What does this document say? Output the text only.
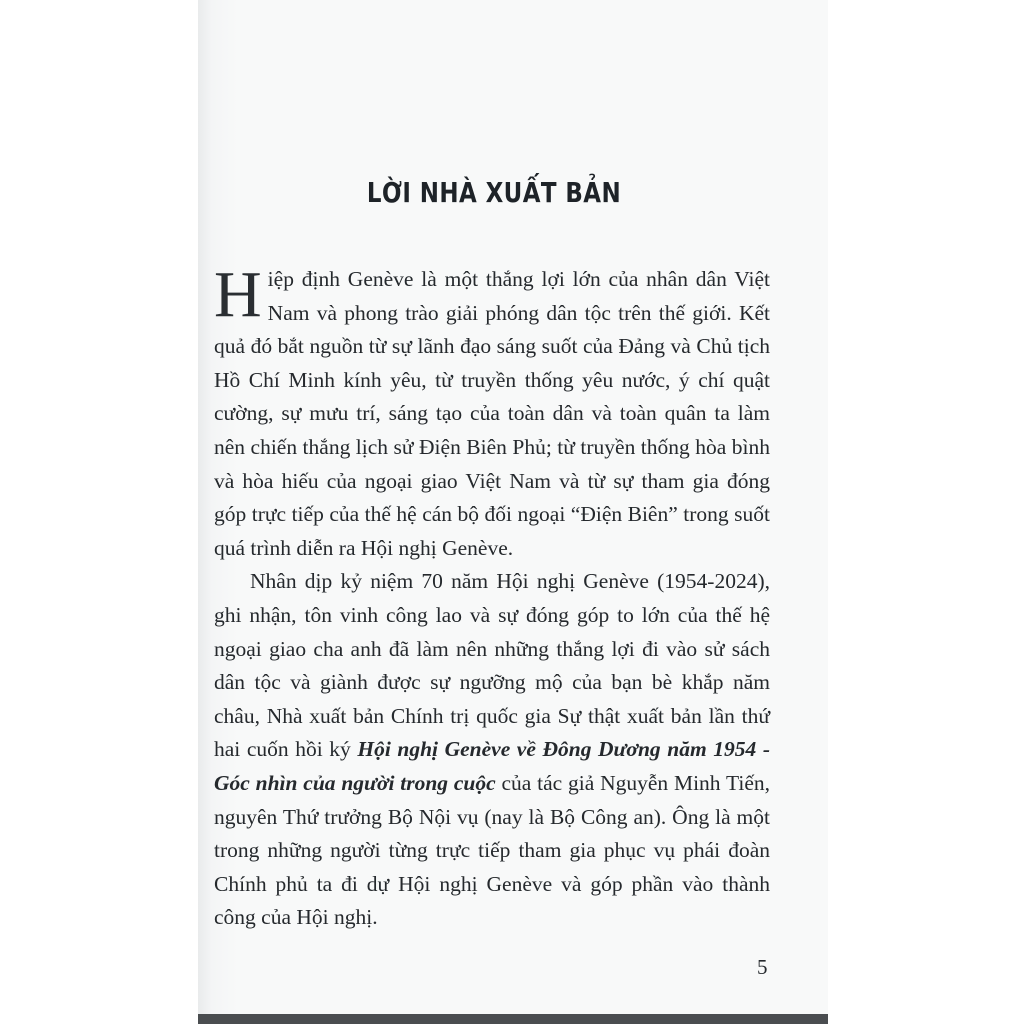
LỜI NHÀ XUẤT BẢN

Hiệp định Genève là một thắng lợi lớn của nhân dân Việt Nam và phong trào giải phóng dân tộc trên thế giới. Kết quả đó bắt nguồn từ sự lãnh đạo sáng suốt của Đảng và Chủ tịch Hồ Chí Minh kính yêu, từ truyền thống yêu nước, ý chí quật cường, sự mưu trí, sáng tạo của toàn dân và toàn quân ta làm nên chiến thắng lịch sử Điện Biên Phủ; từ truyền thống hòa bình và hòa hiếu của ngoại giao Việt Nam và từ sự tham gia đóng góp trực tiếp của thế hệ cán bộ đối ngoại “Điện Biên” trong suốt quá trình diễn ra Hội nghị Genève.

Nhân dịp kỷ niệm 70 năm Hội nghị Genève (1954-2024), ghi nhận, tôn vinh công lao và sự đóng góp to lớn của thế hệ ngoại giao cha anh đã làm nên những thắng lợi đi vào sử sách dân tộc và giành được sự ngưỡng mộ của bạn bè khắp năm châu, Nhà xuất bản Chính trị quốc gia Sự thật xuất bản lần thứ hai cuốn hồi ký Hội nghị Genève về Đông Dương năm 1954 - Góc nhìn của người trong cuộc của tác giả Nguyễn Minh Tiến, nguyên Thứ trưởng Bộ Nội vụ (nay là Bộ Công an). Ông là một trong những người từng trực tiếp tham gia phục vụ phái đoàn Chính phủ ta đi dự Hội nghị Genève và góp phần vào thành công của Hội nghị.

5
